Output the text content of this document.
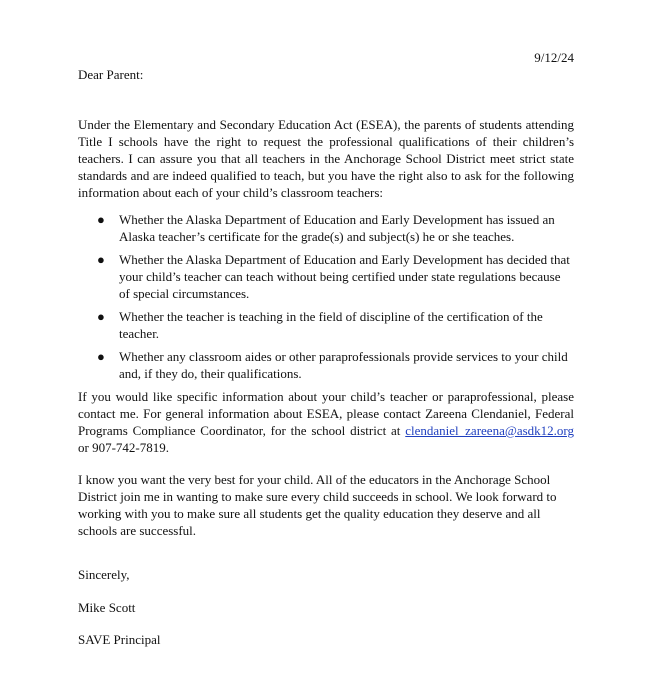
9/12/24
Dear Parent:

Under the Elementary and Secondary Education Act (ESEA), the parents of students attending Title I schools have the right to request the professional qualifications of their children’s teachers. I can assure you that all teachers in the Anchorage School District meet strict state standards and are indeed qualified to teach, but you have the right also to ask for the following information about each of your child’s classroom teachers:

● Whether the Alaska Department of Education and Early Development has issued an Alaska teacher’s certificate for the grade(s) and subject(s) he or she teaches.
● Whether the Alaska Department of Education and Early Development has decided that your child’s teacher can teach without being certified under state regulations because of special circumstances.
● Whether the teacher is teaching in the field of discipline of the certification of the teacher.
● Whether any classroom aides or other paraprofessionals provide services to your child and, if they do, their qualifications.

If you would like specific information about your child’s teacher or paraprofessional, please contact me. For general information about ESEA, please contact Zareena Clendaniel, Federal Programs Compliance Coordinator, for the school district at clendaniel_zareena@asdk12.org or 907-742-7819.

I know you want the very best for your child. All of the educators in the Anchorage School District join me in wanting to make sure every child succeeds in school. We look forward to working with you to make sure all students get the quality education they deserve and all schools are successful.

Sincerely,
Mike Scott
SAVE Principal
